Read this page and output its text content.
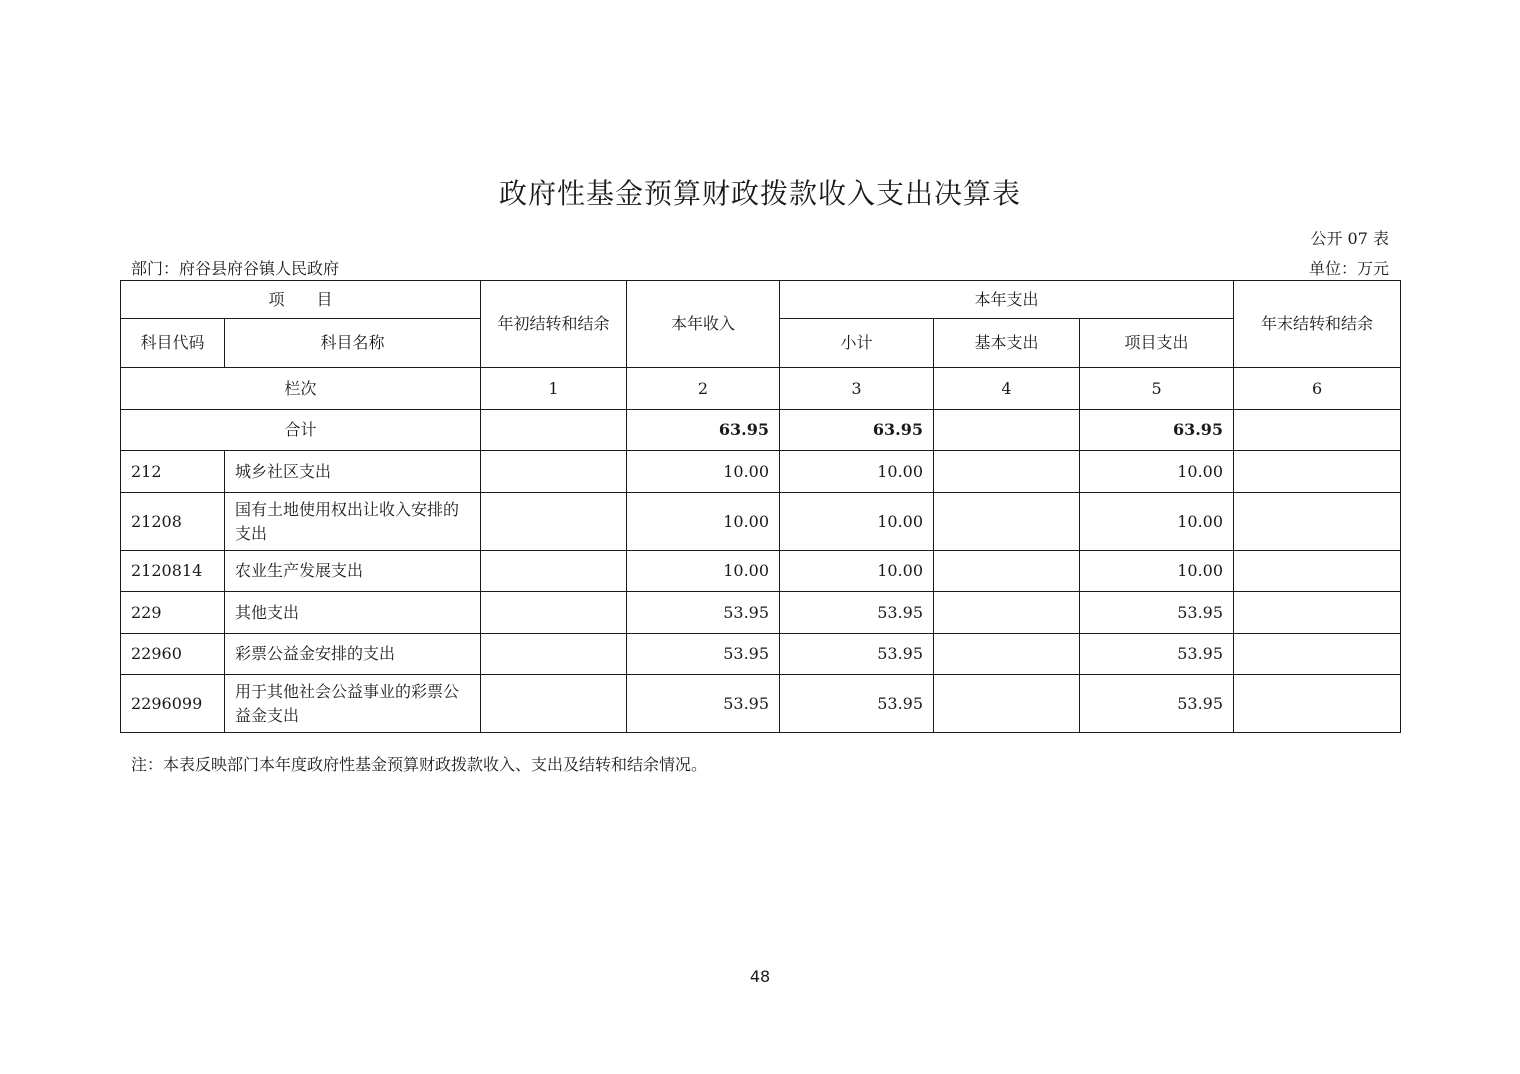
政府性基金预算财政拨款收入支出决算表
公开 07 表
部门：府谷县府谷镇人民政府	单位：万元
项　　目		年初结转和结余	本年收入	本年支出			年末结转和结余
科目代码	科目名称			小计	基本支出	项目支出	
栏次		1	2	3	4	5	6
合计			63.95	63.95		63.95	
212	城乡社区支出		10.00	10.00		10.00	
21208	国有土地使用权出让收入安排的支出		10.00	10.00		10.00	
2120814	农业生产发展支出		10.00	10.00		10.00	
229	其他支出		53.95	53.95		53.95	
22960	彩票公益金安排的支出		53.95	53.95		53.95	
2296099	用于其他社会公益事业的彩票公益金支出		53.95	53.95		53.95	
注：本表反映部门本年度政府性基金预算财政拨款收入、支出及结转和结余情况。
48
